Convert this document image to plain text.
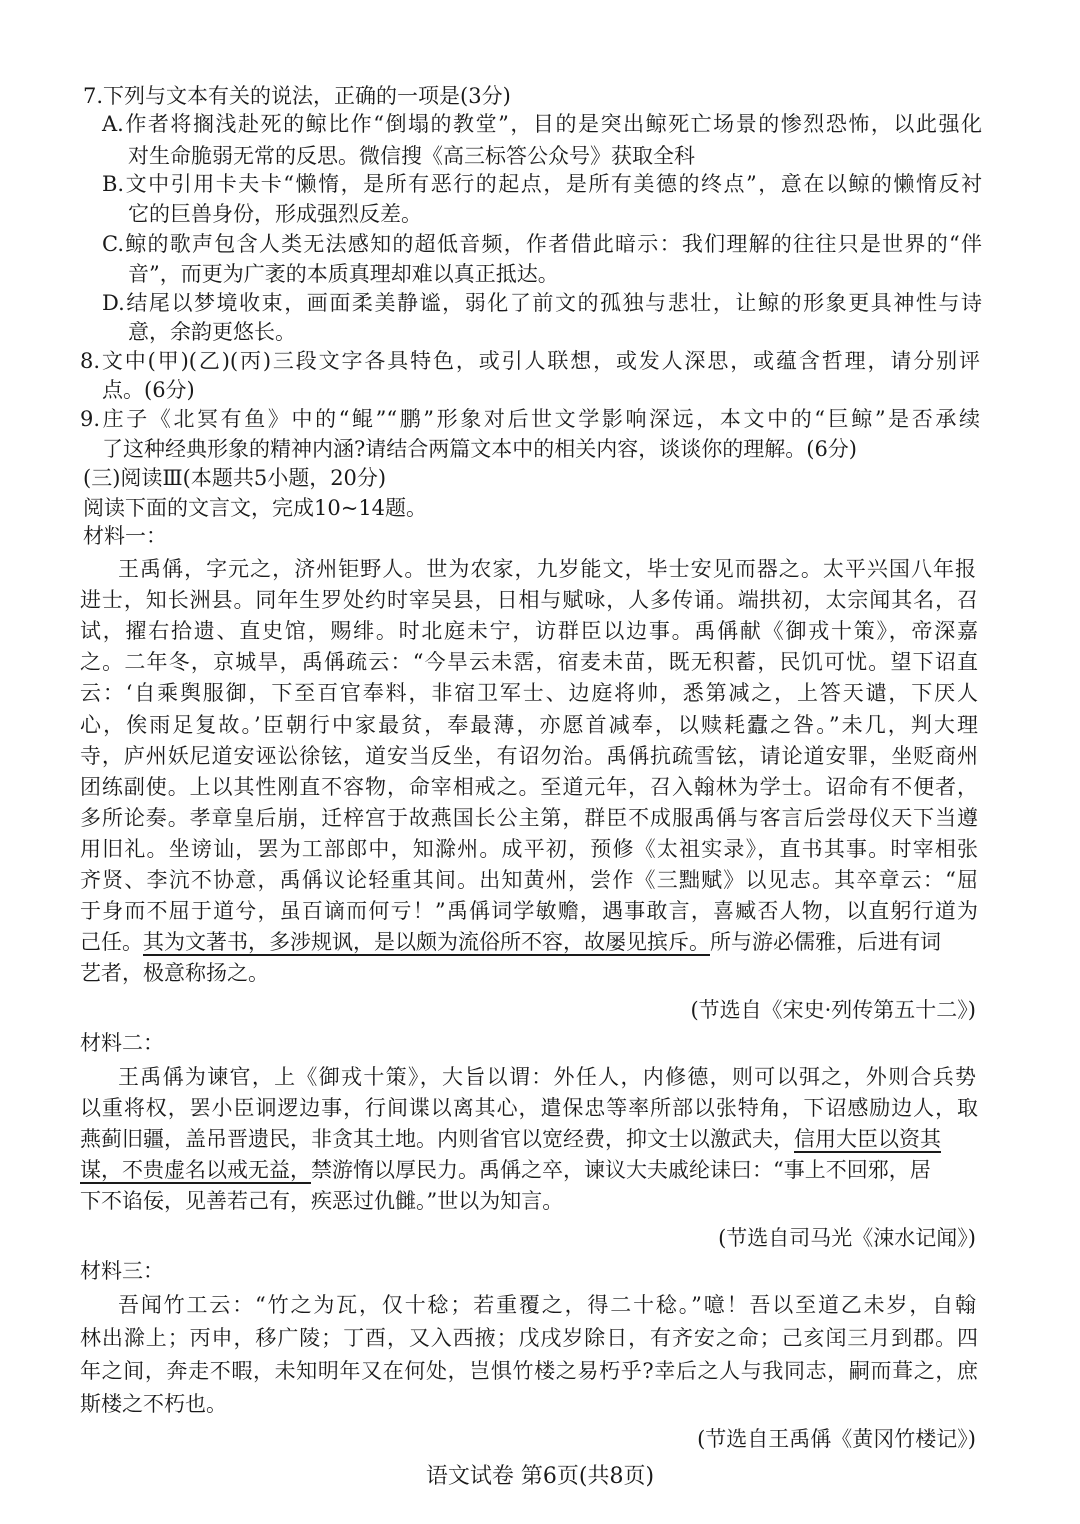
7.下列与文本有关的说法，正确的一项是(3分)
A.作者将搁浅赴死的鲸比作“倒塌的教堂”，目的是突出鲸死亡场景的惨烈恐怖，以此强化
对生命脆弱无常的反思。微信搜《高三标答公众号》获取全科
B.文中引用卡夫卡“懒惰，是所有恶行的起点，是所有美德的终点”，意在以鲸的懒惰反衬
它的巨兽身份，形成强烈反差。
C.鲸的歌声包含人类无法感知的超低音频，作者借此暗示：我们理解的往往只是世界的“伴
音”，而更为广袤的本质真理却难以真正抵达。
D.结尾以梦境收束，画面柔美静谧，弱化了前文的孤独与悲壮，让鲸的形象更具神性与诗
意，余韵更悠长。
8.文中(甲)(乙)(丙)三段文字各具特色，或引人联想，或发人深思，或蕴含哲理，请分别评
点。(6分)
9.庄子《北冥有鱼》中的“鲲”“鹏”形象对后世文学影响深远，本文中的“巨鲸”是否承续
了这种经典形象的精神内涵?请结合两篇文本中的相关内容，谈谈你的理解。(6分)
(三)阅读Ⅲ(本题共5小题，20分)
阅读下面的文言文，完成10~14题。
材料一：
王禹偁，字元之，济州钜野人。世为农家，九岁能文，毕士安见而器之。太平兴国八年报
进士，知长洲县。同年生罗处约时宰吴县，日相与赋咏，人多传诵。端拱初，太宗闻其名，召
试，擢右拾遗、直史馆，赐绯。时北庭未宁，访群臣以边事。禹偁献《御戎十策》，帝深嘉
之。二年冬，京城旱，禹偁疏云：“今旱云未霑，宿麦未苗，既无积蓄，民饥可忧。望下诏直
云：‘自乘舆服御，下至百官奉料，非宿卫军士、边庭将帅，悉第减之，上答天谴，下厌人
心，俟雨足复故。’臣朝行中家最贫，奉最薄，亦愿首减奉，以赎耗蠹之咎。”未几，判大理
寺，庐州妖尼道安诬讼徐铉，道安当反坐，有诏勿治。禹偁抗疏雪铉，请论道安罪，坐贬商州
团练副使。上以其性刚直不容物，命宰相戒之。至道元年，召入翰林为学士。诏命有不便者，
多所论奏。孝章皇后崩，迁梓宫于故燕国长公主第，群臣不成服禹偁与客言后尝母仪天下当遵
用旧礼。坐谤讪，罢为工部郎中，知滁州。成平初，预修《太祖实录》，直书其事。时宰相张
齐贤、李沆不协意，禹偁议论轻重其间。出知黄州，尝作《三黜赋》以见志。其卒章云：“屈
于身而不屈于道兮，虽百谪而何亏！”禹偁词学敏赡，遇事敢言，喜臧否人物，以直躬行道为
己任。其为文著书，多涉规讽，是以颇为流俗所不容，故屡见摈斥。所与游必儒雅，后进有词
艺者，极意称扬之。
(节选自《宋史·列传第五十二》)
材料二：
王禹偁为谏官，上《御戎十策》，大旨以谓：外任人，内修德，则可以弭之，外则合兵势
以重将权，罢小臣诇逻边事，行间谍以离其心，遣保忠等率所部以张特角，下诏感励边人，取
燕蓟旧疆，盖吊晋遗民，非贪其土地。内则省官以宽经费，抑文士以激武夫，信用大臣以资其
谋，不贵虚名以戒无益，禁游惰以厚民力。禹偁之卒，谏议大夫戚纶诔曰：“事上不回邪，居
下不谄佞，见善若己有，疾恶过仇雠。”世以为知言。
(节选自司马光《涑水记闻》)
材料三：
吾闻竹工云：“竹之为瓦，仅十稔；若重覆之，得二十稔。”噫！吾以至道乙未岁，自翰
林出滁上；丙申，移广陵；丁酉，又入西掖；戊戌岁除日，有齐安之命；己亥闰三月到郡。四
年之间，奔走不暇，未知明年又在何处，岂惧竹楼之易朽乎?幸后之人与我同志，嗣而葺之，庶
斯楼之不朽也。
(节选自王禹偁《黄冈竹楼记》)
语文试卷 第6页(共8页)
